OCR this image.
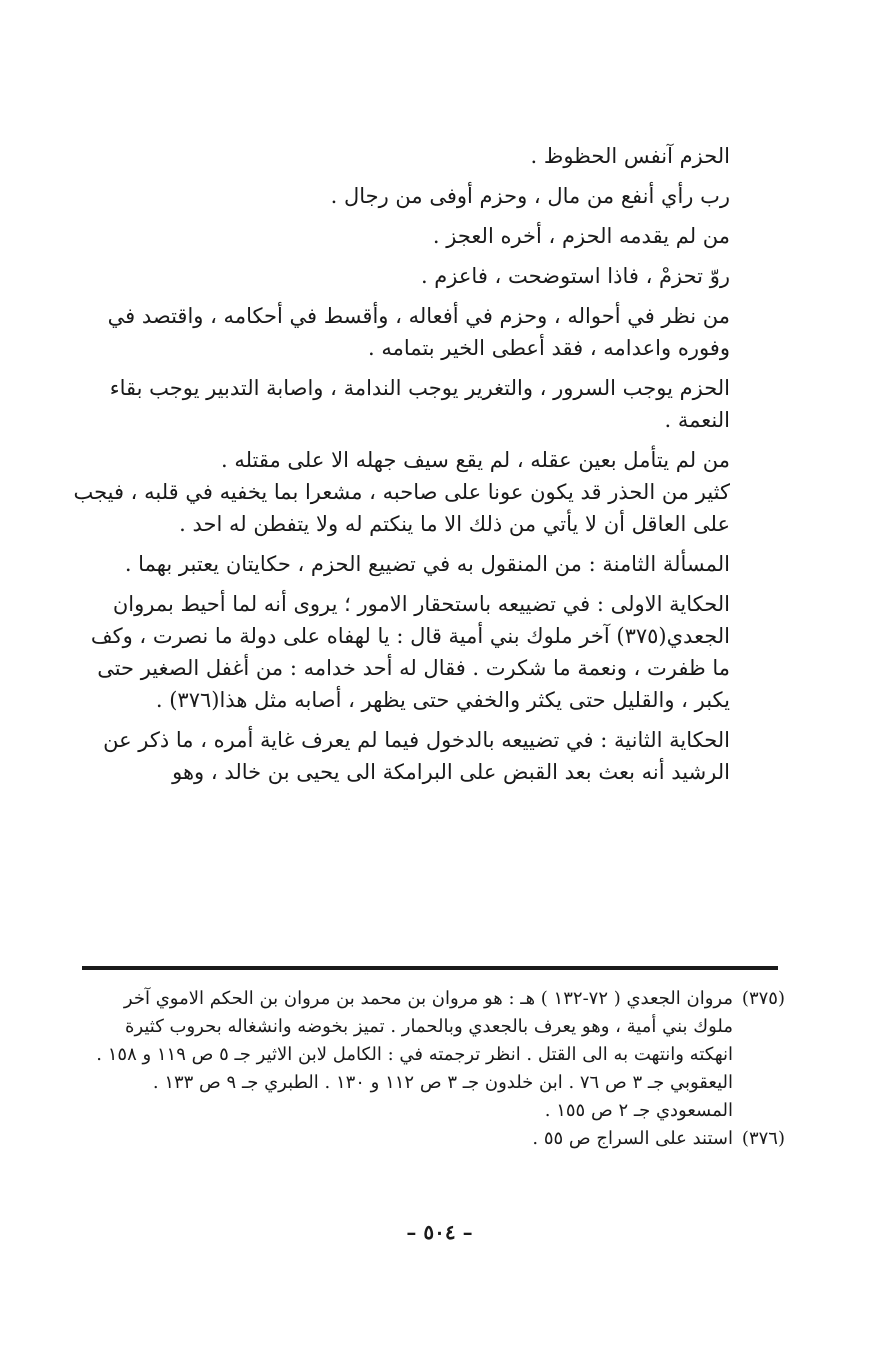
الحزم آنفس الحظوظ .

رب رأي أنفع من مال ، وحزم أوفى من رجال .

من لم يقدمه الحزم ، أخره العجز .

روّ تحزمْ ، فاذا استوضحت ، فاعزم .

من نظر في أحواله ، وحزم في أفعاله ، وأقسط في أحكامه ، واقتصد في وفوره واعدامه ، فقد أعطى الخير بتمامه .

الحزم يوجب السرور ، والتغرير يوجب الندامة ، واصابة التدبير يوجب بقاء النعمة .

من لم يتأمل بعين عقله ، لم يقع سيف جهله الا على مقتله .

كثير من الحذر قد يكون عونا على صاحبه ، مشعرا بما يخفيه في قلبه ، فيجب على العاقل أن لا يأتي من ذلك الا ما ينكتم له ولا يتفطن له احد .

المسألة الثامنة : من المنقول به في تضييع الحزم ، حكايتان يعتبر بهما .

الحكاية الاولى : في تضييعه باستحقار الامور ؛ يروى أنه لما أحيط بمروان الجعدي(٣٧٥) آخر ملوك بني أمية قال : يا لهفاه على دولة ما نصرت ، وكف ما ظفرت ، ونعمة ما شكرت . فقال له أحد خدامه : من أغفل الصغير حتى يكبر ، والقليل حتى يكثر والخفي حتى يظهر ، أصابه مثل هذا(٣٧٦) .

الحكاية الثانية : في تضييعه بالدخول فيما لم يعرف غاية أمره ، ما ذكر عن الرشيد أنه بعث بعد القبض على البرامكة الى يحيى بن خالد ، وهو

(٣٧٥)
مروان الجعدي ( ٧٢-١٣٢ ) هـ : هو مروان بن محمد بن مروان بن الحكم الاموي آخر ملوك بني أمية ، وهو يعرف بالجعدي وبالحمار . تميز بخوضه وانشغاله بحروب كثيرة انهكته وانتهت به الى القتل . انظر ترجمته في : الكامل لابن الاثير جـ ٥ ص ١١٩ و ١٥٨ . اليعقوبي جـ ٣ ص ٧٦ . ابن خلدون جـ ٣ ص ١١٢ و ١٣٠ . الطبري جـ ٩ ص ١٣٣ . المسعودي جـ ٢ ص ١٥٥ .
(٣٧٦)
استند على السراج ص ٥٥ .
– ٥٠٤ –
